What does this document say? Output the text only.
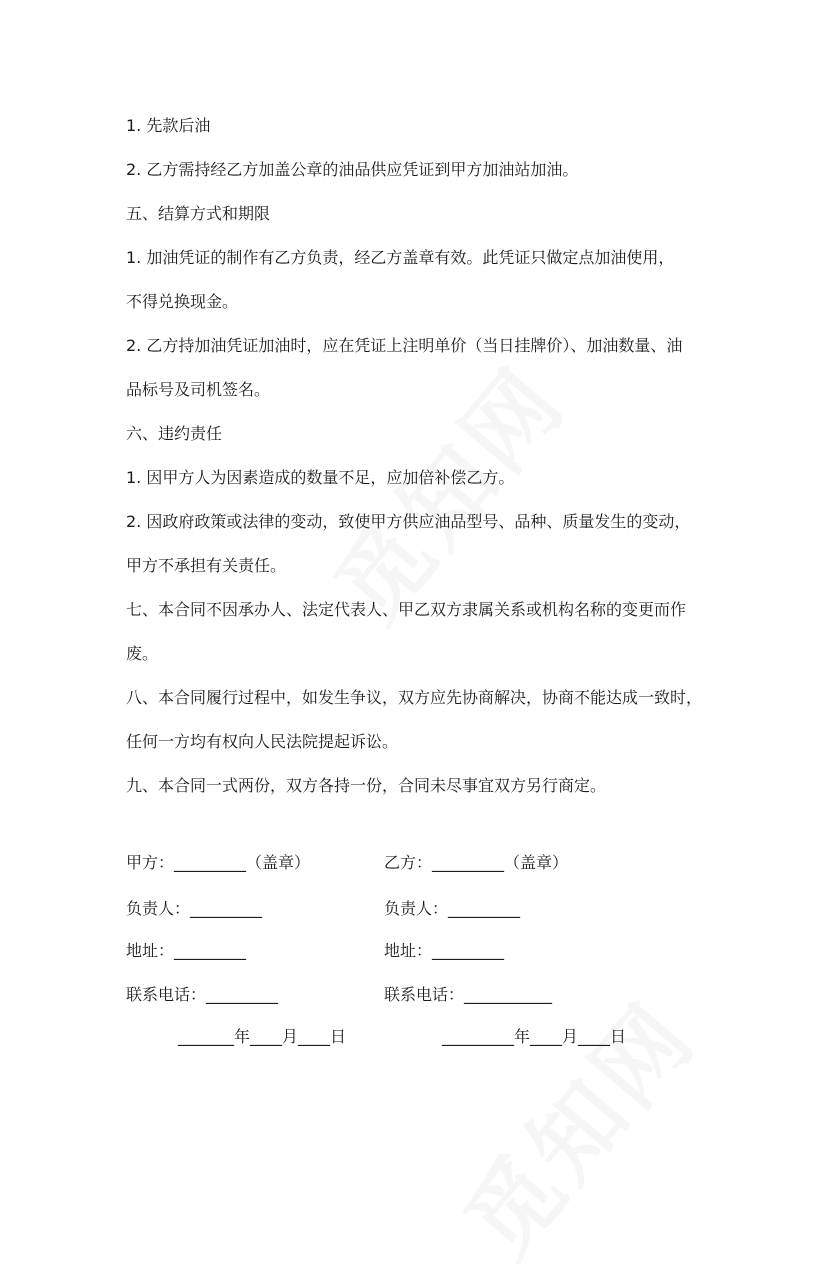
1. 先款后油

2. 乙方需持经乙方加盖公章的油品供应凭证到甲方加油站加油。

五、结算方式和期限

1. 加油凭证的制作有乙方负责，经乙方盖章有效。此凭证只做定点加油使用，

不得兑换现金。

2. 乙方持加油凭证加油时，应在凭证上注明单价（当日挂牌价）、加油数量、油

品标号及司机签名。

六、违约责任

1. 因甲方人为因素造成的数量不足，应加倍补偿乙方。

2. 因政府政策或法律的变动，致使甲方供应油品型号、品种、质量发生的变动，

甲方不承担有关责任。

七、本合同不因承办人、法定代表人、甲乙双方隶属关系或机构名称的变更而作

废。

八、本合同履行过程中，如发生争议，双方应先协商解决，协商不能达成一致时，

任何一方均有权向人民法院提起诉讼。

九、本合同一式两份，双方各持一份，合同未尽事宜双方另行商定。

甲方：_________（盖章）	乙方：_________（盖章）

负责人：_________	负责人：_________

地址：_________	地址：_________

联系电话：_________	联系电话：___________

_______年____月____日	_________年____月____日
